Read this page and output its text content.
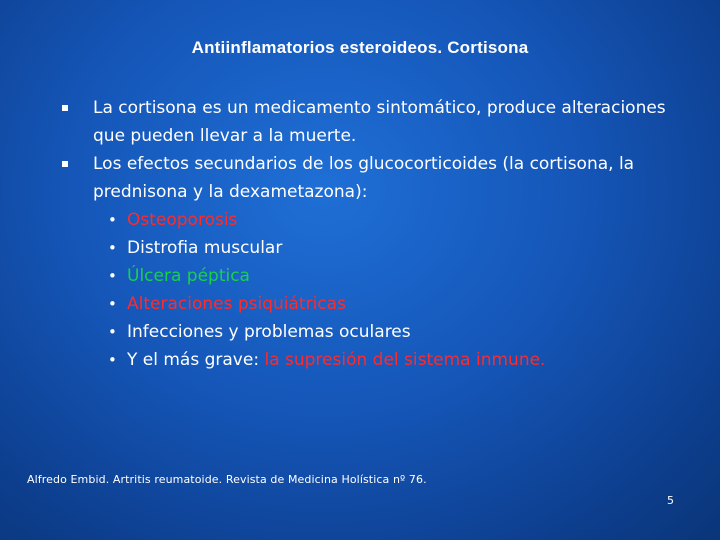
Antiinflamatorios esteroideos. Cortisona
La cortisona es un medicamento sintomático, produce alteraciones que pueden llevar a la muerte.
Los efectos secundarios de los glucocorticoides (la cortisona, la prednisona y la dexametazona):
• Osteoporosis
• Distrofia muscular
• Úlcera péptica
• Alteraciones psiquiátricas
• Infecciones y problemas oculares
• Y el más grave: la supresión del sistema inmune.
Alfredo Embid. Artritis reumatoide. Revista de Medicina Holística nº 76.
5
